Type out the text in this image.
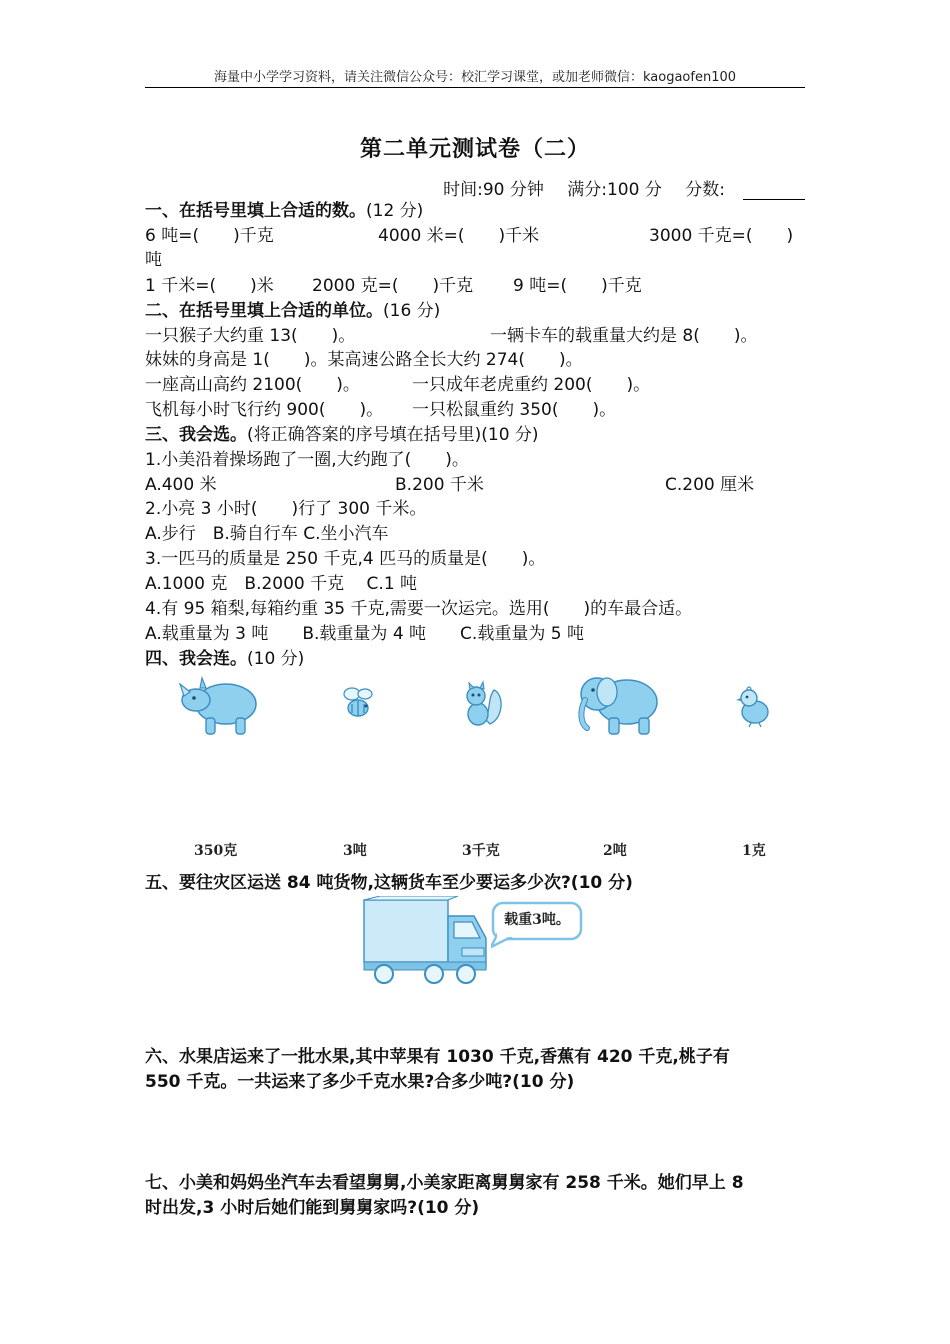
海量中小学学习资料，请关注微信公众号：校汇学习课堂，或加老师微信：kaogaofen100
第二单元测试卷（二）
时间:90 分钟 满分:100 分 分数:
一、在括号里填上合适的数。(12 分)
6 吨=(　　)千克	4000 米=(　　)千米	3000 千克=(　　)
吨
1 千米=(　　)米 2000 克=(　　)千克 9 吨=(　　)千克
二、在括号里填上合适的单位。(16 分)
一只猴子大约重 13(　　)。	一辆卡车的载重量大约是 8(　　)。
妹妹的身高是 1(　　)。某高速公路全长大约 274(　　)。
一座高山高约 2100(　　)。	一只成年老虎重约 200(　　)。
飞机每小时飞行约 900(　　)。 一只松鼠重约 350(　　)。
三、我会选。(将正确答案的序号填在括号里)(10 分)
1.小美沿着操场跑了一圈,大约跑了(　　)。
A.400 米	B.200 千米	C.200 厘米
2.小亮 3 小时(　　)行了 300 千米。
A.步行　B.骑自行车 C.坐小汽车
3.一匹马的质量是 250 千克,4 匹马的质量是(　　)。
A.1000 克　B.2000 千克　 C.1 吨
4.有 95 箱梨,每箱约重 35 千克,需要一次运完。选用(　　)的车最合适。
A.载重量为 3 吨　　B.载重量为 4 吨　　C.载重量为 5 吨
四、我会连。(10 分)
350克	3吨	3千克	2吨	1克
五、要往灾区运送 84 吨货物,这辆货车至少要运多少次?(10 分)
载重3吨。
六、水果店运来了一批水果,其中苹果有 1030 千克,香蕉有 420 千克,桃子有
550 千克。一共运来了多少千克水果?合多少吨?(10 分)
七、小美和妈妈坐汽车去看望舅舅,小美家距离舅舅家有 258 千米。她们早上 8
时出发,3 小时后她们能到舅舅家吗?(10 分)
